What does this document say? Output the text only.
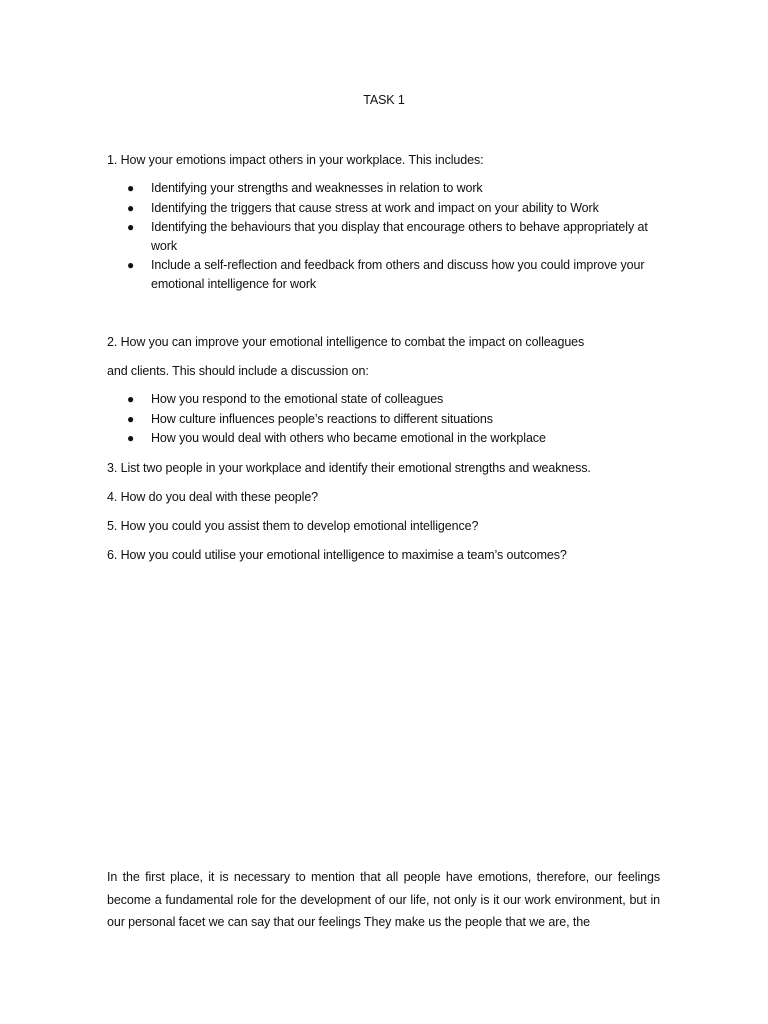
TASK 1
1. How your emotions impact others in your workplace. This includes:
● Identifying your strengths and weaknesses in relation to work
● Identifying the triggers that cause stress at work and impact on your ability to Work
● Identifying the behaviours that you display that encourage others to behave appropriately at work
● Include a self-reflection and feedback from others and discuss how you could improve your emotional intelligence for work
2. How you can improve your emotional intelligence to combat the impact on colleagues
and clients. This should include a discussion on:
● How you respond to the emotional state of colleagues
● How culture influences people’s reactions to different situations
● How you would deal with others who became emotional in the workplace
3. List two people in your workplace and identify their emotional strengths and weakness.
4. How do you deal with these people?
5. How you could you assist them to develop emotional intelligence?
6. How you could utilise your emotional intelligence to maximise a team’s outcomes?
In the first place, it is necessary to mention that all people have emotions, therefore, our feelings become a fundamental role for the development of our life, not only is it our work environment, but in our personal facet we can say that our feelings They make us the people that we are, the
